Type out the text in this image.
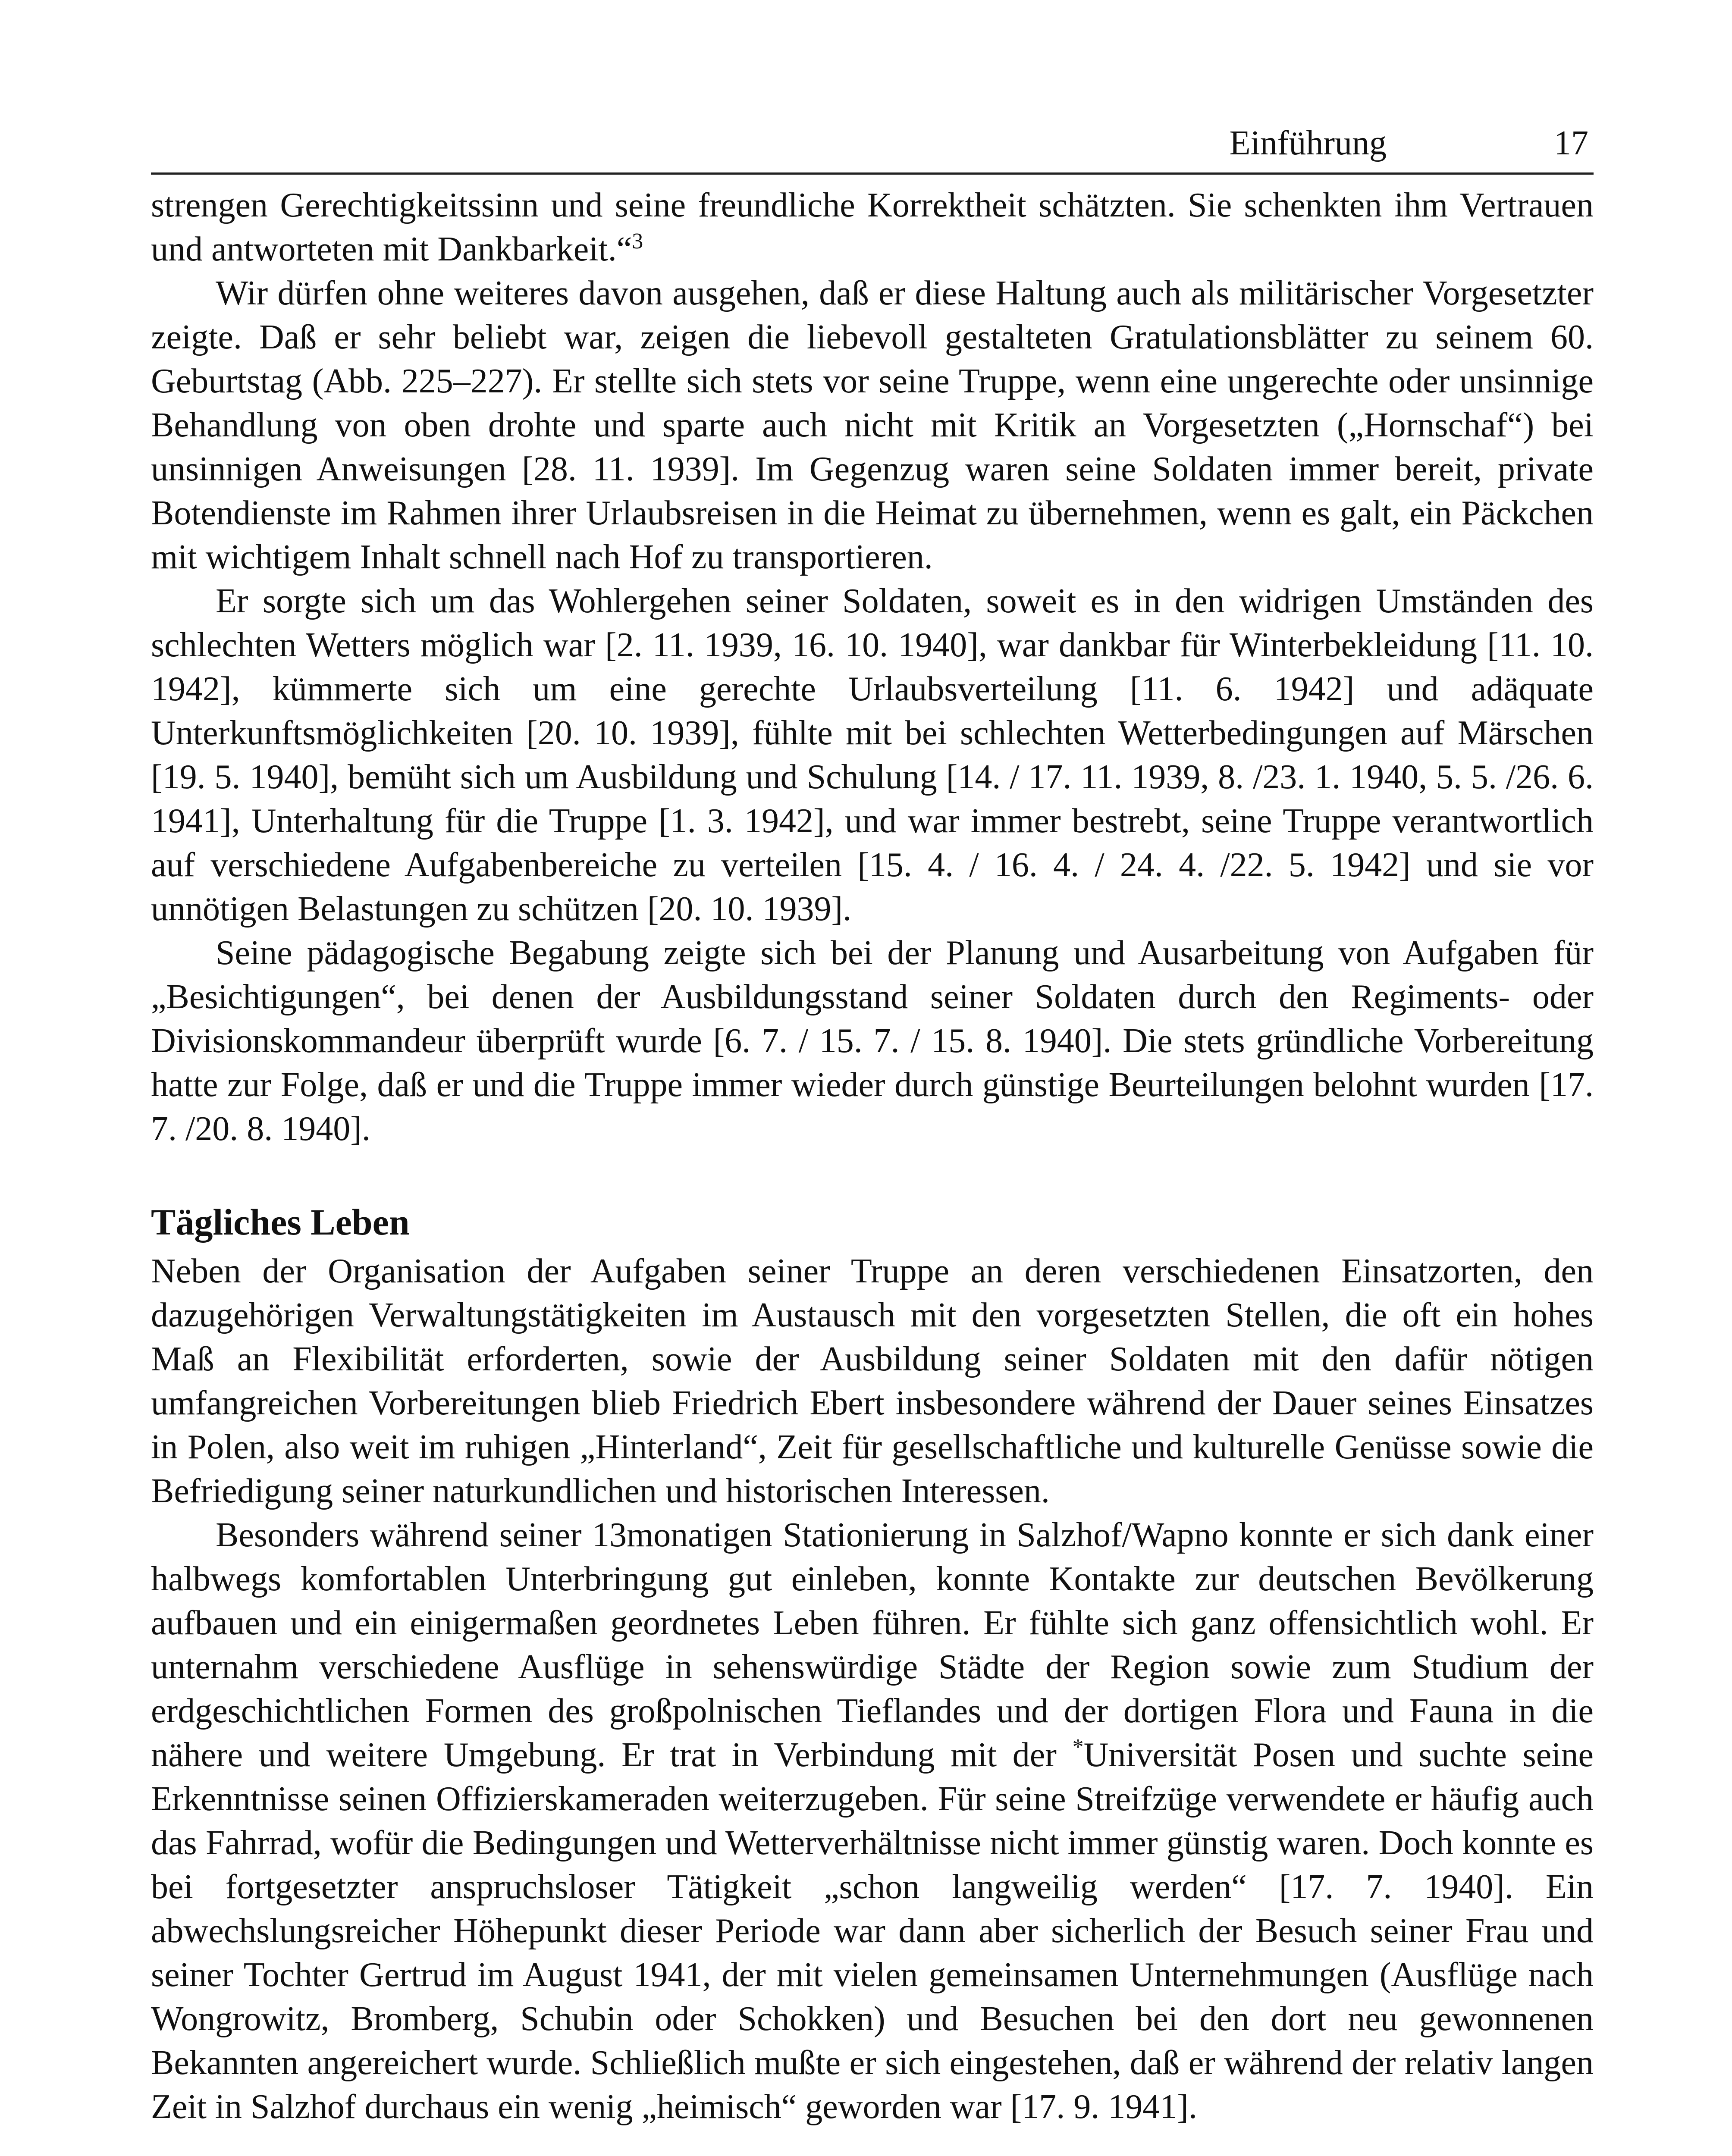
Einführung	17

strengen Gerechtigkeitssinn und seine freundliche Korrektheit schätzten. Sie schenkten ihm Vertrauen und antworteten mit Dankbarkeit.“$^3$

Wir dürfen ohne weiteres davon ausgehen, daß er diese Haltung auch als militärischer Vorgesetzter zeigte. Daß er sehr beliebt war, zeigen die liebevoll gestalteten Gratulationsblätter zu seinem 60. Geburtstag (Abb. 225–227). Er stellte sich stets vor seine Truppe, wenn eine ungerechte oder unsinnige Behandlung von oben drohte und sparte auch nicht mit Kritik an Vorgesetzten („Hornschaf“) bei unsinnigen Anweisungen [28. 11. 1939]. Im Gegenzug waren seine Soldaten immer bereit, private Botendienste im Rahmen ihrer Urlaubsreisen in die Heimat zu übernehmen, wenn es galt, ein Päckchen mit wichtigem Inhalt schnell nach Hof zu transportieren.

Er sorgte sich um das Wohlergehen seiner Soldaten, soweit es in den widrigen Umständen des schlechten Wetters möglich war [2. 11. 1939, 16. 10. 1940], war dankbar für Winterbekleidung [11. 10. 1942], kümmerte sich um eine gerechte Urlaubsverteilung [11. 6. 1942] und adäquate Unterkunftsmöglichkeiten [20. 10. 1939], fühlte mit bei schlechten Wetterbedingungen auf Märschen [19. 5. 1940], bemüht sich um Ausbildung und Schulung [14. / 17. 11. 1939, 8. /23. 1. 1940, 5. 5. /26. 6. 1941], Unterhaltung für die Truppe [1. 3. 1942], und war immer bestrebt, seine Truppe verantwortlich auf verschiedene Aufgabenbereiche zu verteilen [15. 4. / 16. 4. / 24. 4. /22. 5. 1942] und sie vor unnötigen Belastungen zu schützen [20. 10. 1939].

Seine pädagogische Begabung zeigte sich bei der Planung und Ausarbeitung von Aufgaben für „Besichtigungen“, bei denen der Ausbildungsstand seiner Soldaten durch den Regiments- oder Divisionskommandeur überprüft wurde [6. 7. / 15. 7. / 15. 8. 1940]. Die stets gründliche Vorbereitung hatte zur Folge, daß er und die Truppe immer wieder durch günstige Beurteilungen belohnt wurden [17. 7. /20. 8. 1940].

Tägliches Leben

Neben der Organisation der Aufgaben seiner Truppe an deren verschiedenen Einsatzorten, den dazugehörigen Verwaltungstätigkeiten im Austausch mit den vorgesetzten Stellen, die oft ein hohes Maß an Flexibilität erforderten, sowie der Ausbildung seiner Soldaten mit den dafür nötigen umfangreichen Vorbereitungen blieb Friedrich Ebert insbesondere während der Dauer seines Einsatzes in Polen, also weit im ruhigen „Hinterland“, Zeit für gesellschaftliche und kulturelle Genüsse sowie die Befriedigung seiner naturkundlichen und historischen Interessen.

Besonders während seiner 13monatigen Stationierung in Salzhof/Wapno konnte er sich dank einer halbwegs komfortablen Unterbringung gut einleben, konnte Kontakte zur deutschen Bevölkerung aufbauen und ein einigermaßen geordnetes Leben führen. Er fühlte sich ganz offensichtlich wohl. Er unternahm verschiedene Ausflüge in sehenswürdige Städte der Region sowie zum Studium der erdgeschichtlichen Formen des großpolnischen Tieflandes und der dortigen Flora und Fauna in die nähere und weitere Umgebung. Er trat in Verbindung mit der *Universität Posen und suchte seine Erkenntnisse seinen Offizierskameraden weiterzugeben. Für seine Streifzüge verwendete er häufig auch das Fahrrad, wofür die Bedingungen und Wetterverhältnisse nicht immer günstig waren. Doch konnte es bei fortgesetzter anspruchsloser Tätigkeit „schon langweilig werden“ [17. 7. 1940]. Ein abwechslungsreicher Höhepunkt dieser Periode war dann aber sicherlich der Besuch seiner Frau und seiner Tochter Gertrud im August 1941, der mit vielen gemeinsamen Unternehmungen (Ausflüge nach Wongrowitz, Bromberg, Schubin oder Schokken) und Besuchen bei den dort neu gewonnenen Bekannten angereichert wurde. Schließlich mußte er sich eingestehen, daß er während der relativ langen Zeit in Salzhof durchaus ein wenig „heimisch“ geworden war [17. 9. 1941].
